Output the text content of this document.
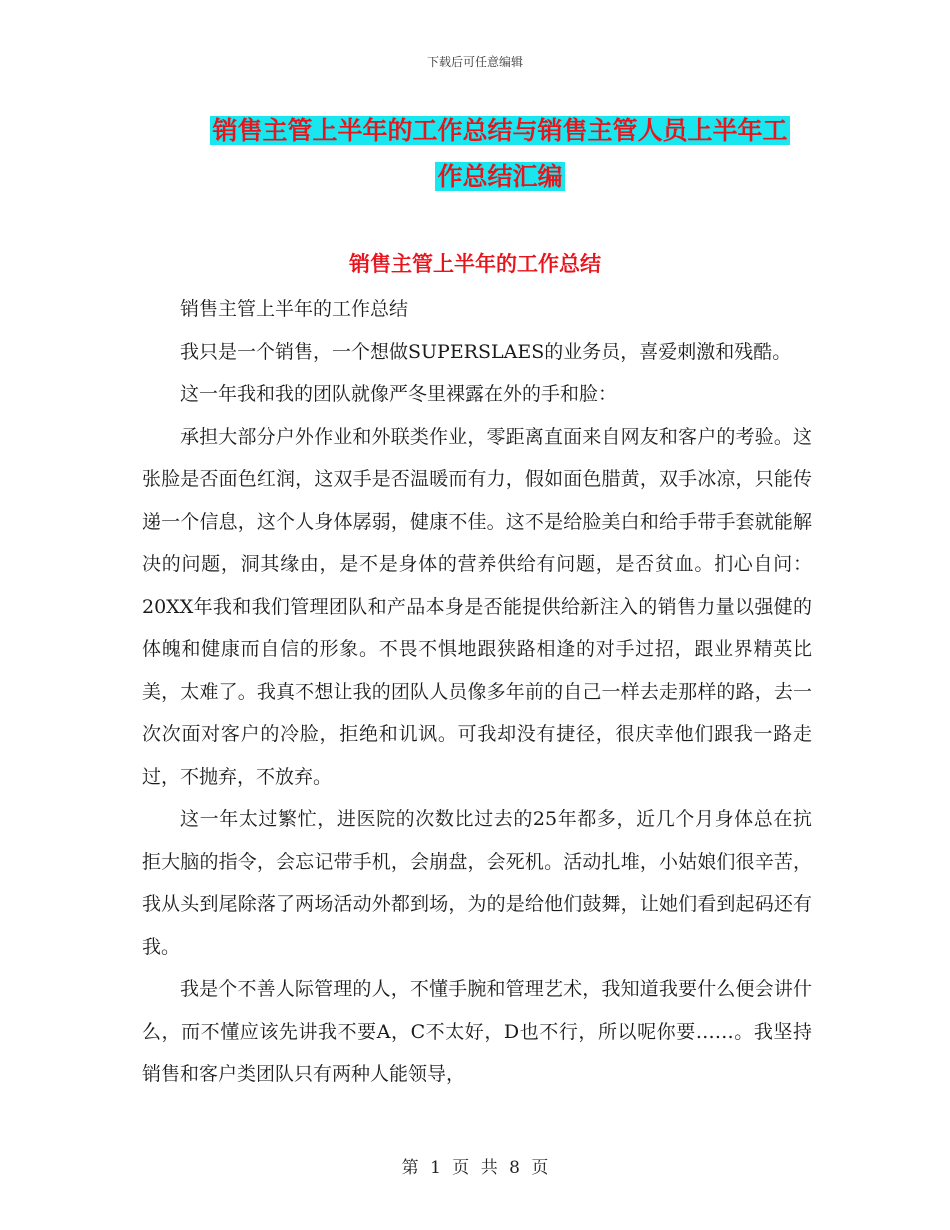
下载后可任意编辑
销售主管上半年的工作总结与销售主管人员上半年工
作总结汇编
销售主管上半年的工作总结

销售主管上半年的工作总结

我只是一个销售，一个想做SUPERSLAES的业务员，喜爱刺激和残酷。

这一年我和我的团队就像严冬里裸露在外的手和脸：

承担大部分户外作业和外联类作业，零距离直面来自网友和客户的考验。这张脸是否面色红润，这双手是否温暖而有力，假如面色腊黄，双手冰凉，只能传递一个信息，这个人身体孱弱，健康不佳。这不是给脸美白和给手带手套就能解决的问题，洞其缘由，是不是身体的营养供给有问题，是否贫血。扪心自问：20XX年我和我们管理团队和产品本身是否能提供给新注入的销售力量以强健的体魄和健康而自信的形象。不畏不惧地跟狭路相逢的对手过招，跟业界精英比美，太难了。我真不想让我的团队人员像多年前的自己一样去走那样的路，去一次次面对客户的冷脸，拒绝和讥讽。可我却没有捷径，很庆幸他们跟我一路走过，不抛弃，不放弃。

这一年太过繁忙，进医院的次数比过去的25年都多，近几个月身体总在抗拒大脑的指令，会忘记带手机，会崩盘，会死机。活动扎堆，小姑娘们很辛苦，我从头到尾除落了两场活动外都到场，为的是给他们鼓舞，让她们看到起码还有我。

我是个不善人际管理的人，不懂手腕和管理艺术，我知道我要什么便会讲什么，而不懂应该先讲我不要A，C不太好，D也不行，所以呢你要……。我坚持销售和客户类团队只有两种人能领导，

第 1 页 共 8 页
